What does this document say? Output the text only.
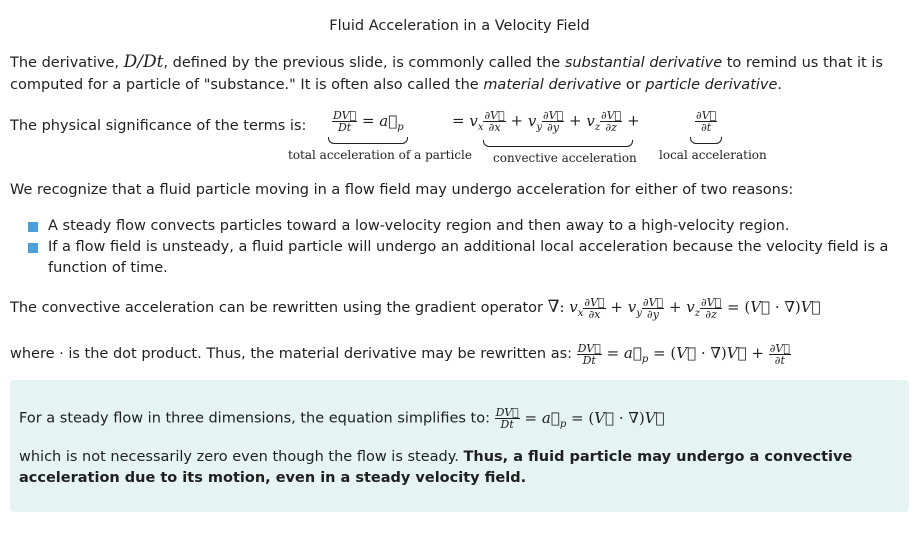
Fluid Acceleration in a Velocity Field
The derivative, D/Dt, defined by the previous slide, is commonly called the substantial derivative to remind us that it is computed for a particle of "substance." It is often also called the material derivative or particle derivative.
The physical significance of the terms is: $\frac{DV⃗}{Dt}$ = $a⃗_p$	= $v_x \frac{\partial V⃗}{\partial x} + v_y \frac{\partial V⃗}{\partial y} + v_z \frac{\partial V⃗}{\partial z}$ +	$\frac{\partial V⃗}{\partial t}$
total acceleration of a particle convective acceleration local acceleration
We recognize that a fluid particle moving in a flow field may undergo acceleration for either of two reasons:
A steady flow convects particles toward a low-velocity region and then away to a high-velocity region.
If a flow field is unsteady, a fluid particle will undergo an additional local acceleration because the velocity field is a function of time.
The convective acceleration can be rewritten using the gradient operator ∇: $v_x \frac{\partial V⃗}{\partial x} + v_y \frac{\partial V⃗}{\partial y} + v_z \frac{\partial V⃗}{\partial z}$ = (V⃗ · ∇)V⃗
where · is the dot product. Thus, the material derivative may be rewritten as: $\frac{DV⃗}{Dt}$ = $a⃗_p$ = (V⃗ · ∇)V⃗ + $\frac{\partial V⃗}{\partial t}$
For a steady flow in three dimensions, the equation simplifies to: $\frac{DV⃗}{Dt}$ = $a⃗_p$ = (V⃗ · ∇)V⃗
which is not necessarily zero even though the flow is steady. Thus, a fluid particle may undergo a convective acceleration due to its motion, even in a steady velocity field.
